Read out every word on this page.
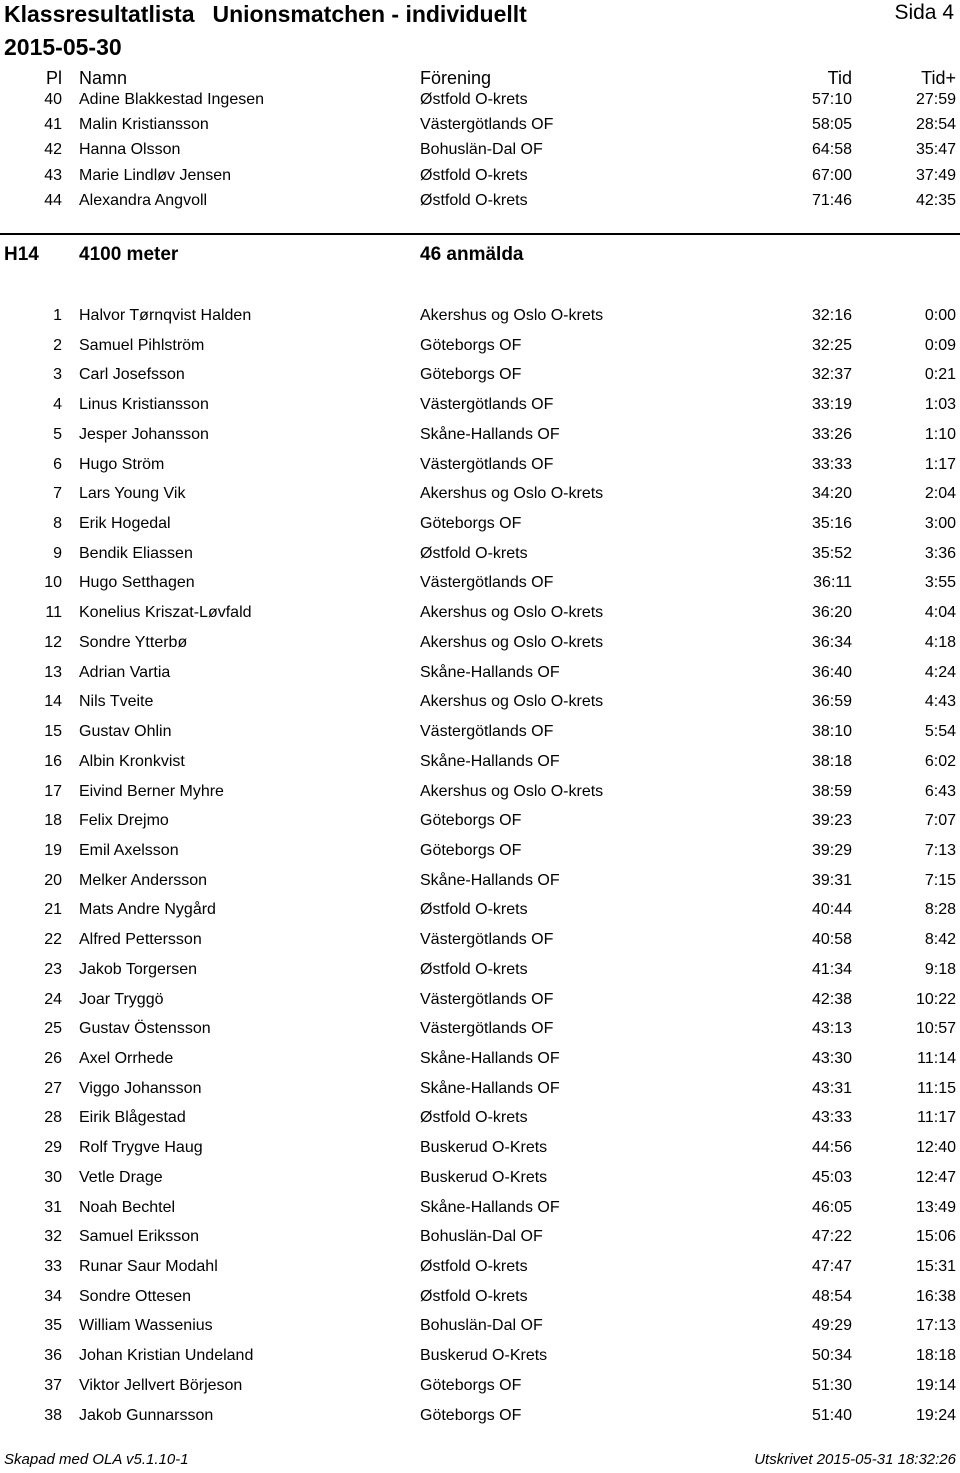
Klassresultatlista Unionsmatchen - individuellt	Sida 4
2015-05-30
Pl Namn	Förening	Tid	Tid+
40 Adine Blakkestad Ingesen	Østfold O-krets	57:10	27:59
41 Malin Kristiansson	Västergötlands OF	58:05	28:54
42 Hanna Olsson	Bohuslän-Dal OF	64:58	35:47
43 Marie Lindløv Jensen	Østfold O-krets	67:00	37:49
44 Alexandra Angvoll	Østfold O-krets	71:46	42:35
H14 4100 meter	46 anmälda
1 Halvor Tørnqvist Halden	Akershus og Oslo O-krets	32:16	0:00
2 Samuel Pihlström	Göteborgs OF	32:25	0:09
3 Carl Josefsson	Göteborgs OF	32:37	0:21
4 Linus Kristiansson	Västergötlands OF	33:19	1:03
5 Jesper Johansson	Skåne-Hallands OF	33:26	1:10
6 Hugo Ström	Västergötlands OF	33:33	1:17
7 Lars Young Vik	Akershus og Oslo O-krets	34:20	2:04
8 Erik Hogedal	Göteborgs OF	35:16	3:00
9 Bendik Eliassen	Østfold O-krets	35:52	3:36
10 Hugo Setthagen	Västergötlands OF	36:11	3:55
11 Konelius Kriszat-Løvfald	Akershus og Oslo O-krets	36:20	4:04
12 Sondre Ytterbø	Akershus og Oslo O-krets	36:34	4:18
13 Adrian Vartia	Skåne-Hallands OF	36:40	4:24
14 Nils Tveite	Akershus og Oslo O-krets	36:59	4:43
15 Gustav Ohlin	Västergötlands OF	38:10	5:54
16 Albin Kronkvist	Skåne-Hallands OF	38:18	6:02
17 Eivind Berner Myhre	Akershus og Oslo O-krets	38:59	6:43
18 Felix Drejmo	Göteborgs OF	39:23	7:07
19 Emil Axelsson	Göteborgs OF	39:29	7:13
20 Melker Andersson	Skåne-Hallands OF	39:31	7:15
21 Mats Andre Nygård	Østfold O-krets	40:44	8:28
22 Alfred Pettersson	Västergötlands OF	40:58	8:42
23 Jakob Torgersen	Østfold O-krets	41:34	9:18
24 Joar Tryggö	Västergötlands OF	42:38	10:22
25 Gustav Östensson	Västergötlands OF	43:13	10:57
26 Axel Orrhede	Skåne-Hallands OF	43:30	11:14
27 Viggo Johansson	Skåne-Hallands OF	43:31	11:15
28 Eirik Blågestad	Østfold O-krets	43:33	11:17
29 Rolf Trygve Haug	Buskerud O-Krets	44:56	12:40
30 Vetle Drage	Buskerud O-Krets	45:03	12:47
31 Noah Bechtel	Skåne-Hallands OF	46:05	13:49
32 Samuel Eriksson	Bohuslän-Dal OF	47:22	15:06
33 Runar Saur Modahl	Østfold O-krets	47:47	15:31
34 Sondre Ottesen	Østfold O-krets	48:54	16:38
35 William Wassenius	Bohuslän-Dal OF	49:29	17:13
36 Johan Kristian Undeland	Buskerud O-Krets	50:34	18:18
37 Viktor Jellvert Börjeson	Göteborgs OF	51:30	19:14
38 Jakob Gunnarsson	Göteborgs OF	51:40	19:24
Skapad med OLA v5.1.10-1	Utskrivet 2015-05-31 18:32:26
